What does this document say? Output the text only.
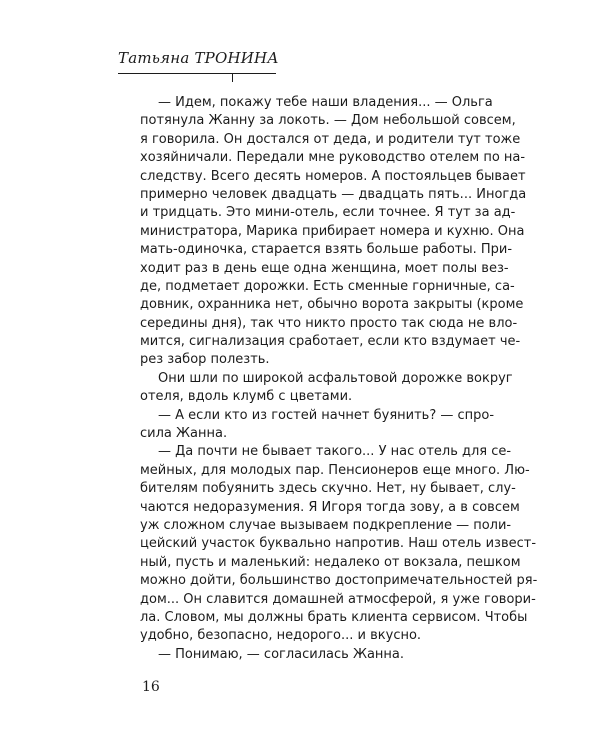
Татьяна ТРОНИНА
— Идем, покажу тебе наши владения... — Ольга
потянула Жанну за локоть. — Дом небольшой совсем,
я говорила. Он достался от деда, и родители тут тоже
хозяйничали. Передали мне руководство отелем по на-
следству. Всего десять номеров. А постояльцев бывает
примерно человек двадцать — двадцать пять... Иногда
и тридцать. Это мини-отель, если точнее. Я тут за ад-
министратора, Марика прибирает номера и кухню. Она
мать-одиночка, старается взять больше работы. При-
ходит раз в день еще одна женщина, моет полы вез-
де, подметает дорожки. Есть сменные горничные, са-
довник, охранника нет, обычно ворота закрыты (кроме
середины дня), так что никто просто так сюда не вло-
мится, сигнализация сработает, если кто вздумает че-
рез забор полезть.
Они шли по широкой асфальтовой дорожке вокруг
отеля, вдоль клумб с цветами.
— А если кто из гостей начнет буянить? — спро-
сила Жанна.
— Да почти не бывает такого... У нас отель для се-
мейных, для молодых пар. Пенсионеров еще много. Лю-
бителям побуянить здесь скучно. Нет, ну бывает, слу-
чаются недоразумения. Я Игоря тогда зову, а в совсем
уж сложном случае вызываем подкрепление — поли-
цейский участок буквально напротив. Наш отель извест-
ный, пусть и маленький: недалеко от вокзала, пешком
можно дойти, большинство достопримечательностей ря-
дом... Он славится домашней атмосферой, я уже говори-
ла. Словом, мы должны брать клиента сервисом. Чтобы
удобно, безопасно, недорого... и вкусно.
— Понимаю, — согласилась Жанна.
16
